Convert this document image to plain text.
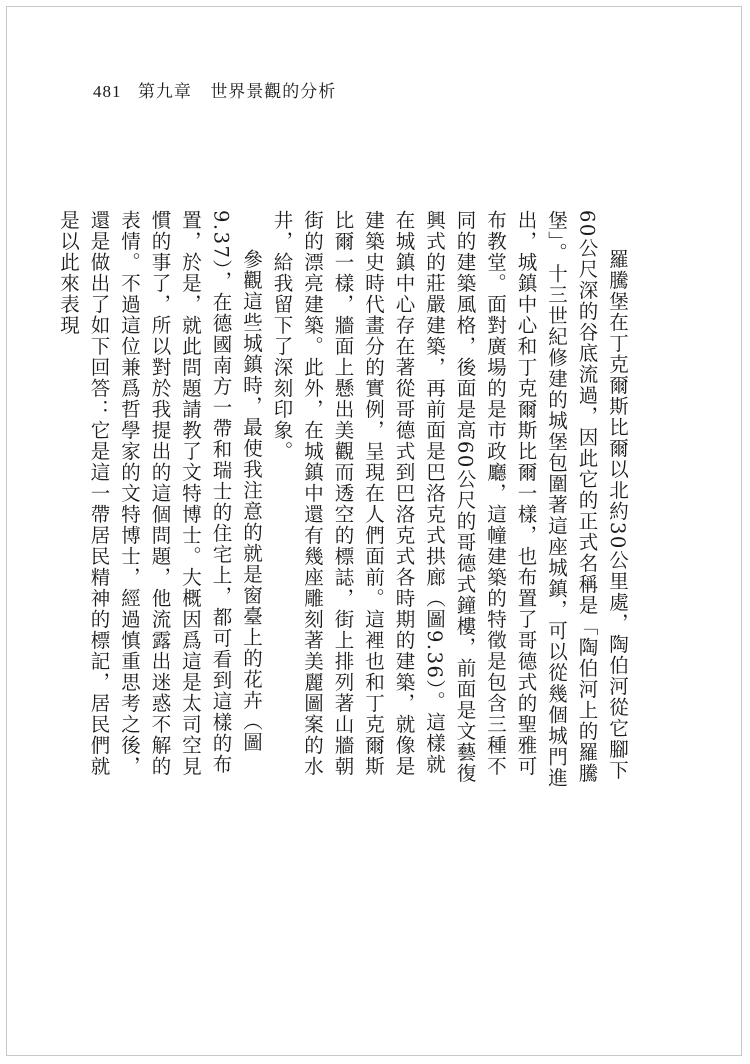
481 第九章 世界景觀的分析

羅騰堡在丁克爾斯比爾以北約30公里處，陶伯河從它腳下60公尺深的谷底流過，因此它的正式名稱是「陶伯河上的羅騰堡」。十三世紀修建的城堡包圍著這座城鎮，可以從幾個城門進出，城鎮中心和丁克爾斯比爾一樣，也布置了哥德式的聖雅可布教堂。面對廣場的是市政廳，這幢建築的特徵是包含三種不同的建築風格，後面是高60公尺的哥德式鐘樓，前面是文藝復興式的莊嚴建築，再前面是巴洛克式拱廊（圖9.36）。這樣就在城鎮中心存在著從哥德式到巴洛克式各時期的建築，就像是建築史時代畫分的實例，呈現在人們面前。這裡也和丁克爾斯比爾一樣，牆面上懸出美觀而透空的標誌，街上排列著山牆朝街的漂亮建築。此外，在城鎮中還有幾座雕刻著美麗圖案的水井，給我留下了深刻印象。

參觀這些城鎮時，最使我注意的就是窗臺上的花卉（圖9.37），在德國南方一帶和瑞士的住宅上，都可看到這樣的布置，於是，就此問題請教了文特博士。大概因爲這是太司空見慣的事了，所以對於我提出的這個問題，他流露出迷惑不解的表情。不過這位兼爲哲學家的文特博士，經過慎重思考之後，還是做出了如下回答：它是這一帶居民精神的標記，居民們就是以此來表現
